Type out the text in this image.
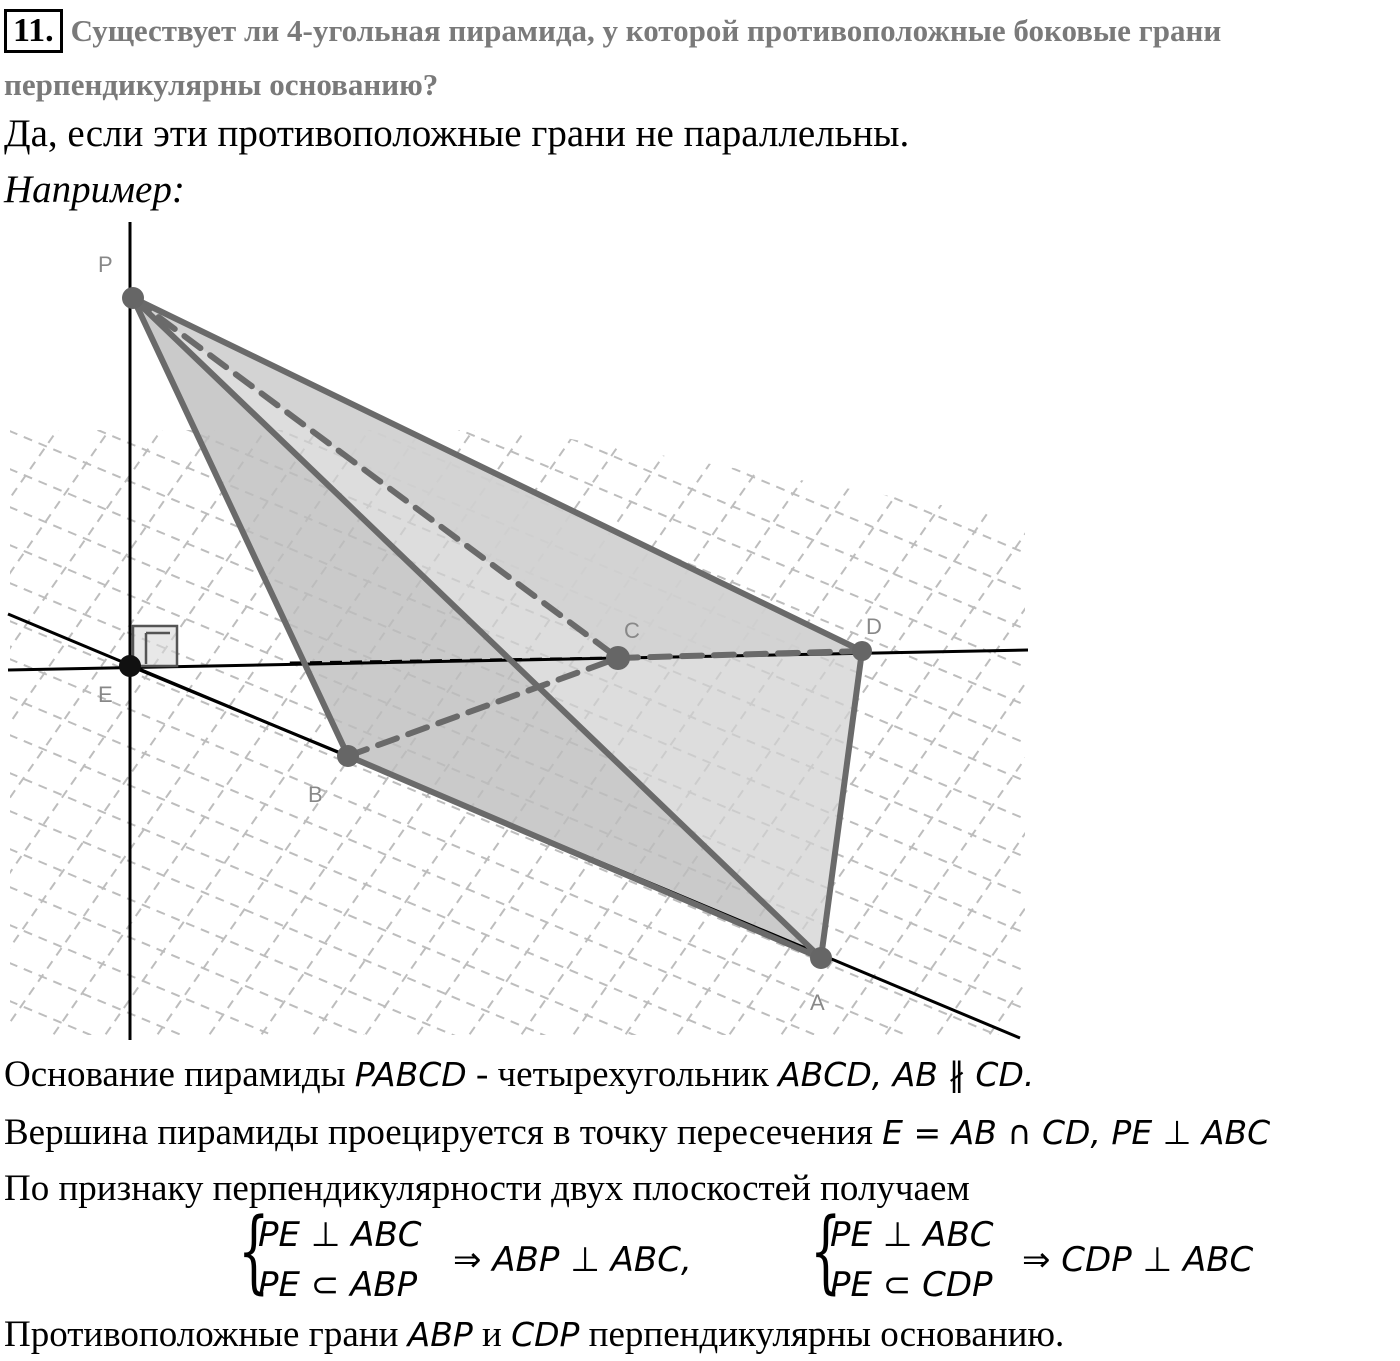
11. Существует ли 4-угольная пирамида, у которой противоположные боковые грани перпендикулярны основанию?
Да, если эти противоположные грани не параллельны.
Например:
P
E
C	D
B
A
Основание пирамиды PABCD - четырехугольник ABCD, AB ∦ CD.
Вершина пирамиды проецируется в точку пересечения E = AB ∩ CD, PE ⊥ ABC
По признаку перпендикулярности двух плоскостей получаем
{
PE ⊥ ABC
PE ⊂ ABP
⇒ ABP ⊥ ABC, {
PE ⊥ ABC
PE ⊂ CDP
⇒ CDP ⊥ ABC
Противоположные грани ABP и CDP перпендикулярны основанию.
